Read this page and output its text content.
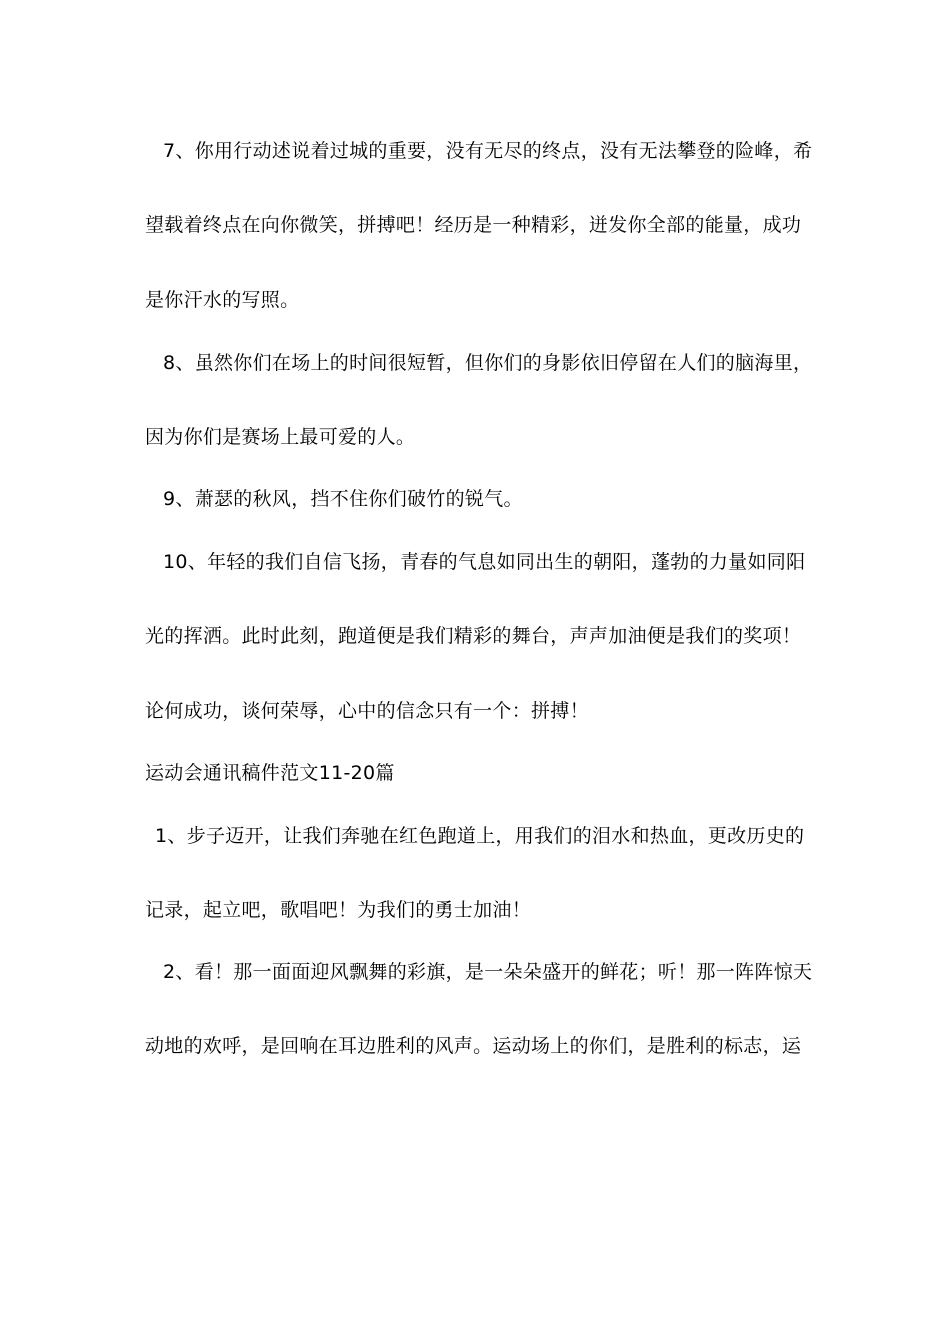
7、你用行动述说着过城的重要，没有无尽的终点，没有无法攀登的险峰，希
望载着终点在向你微笑，拼搏吧！经历是一种精彩，迸发你全部的能量，成功
是你汗水的写照。
8、虽然你们在场上的时间很短暂，但你们的身影依旧停留在人们的脑海里，
因为你们是赛场上最可爱的人。
9、萧瑟的秋风，挡不住你们破竹的锐气。
10、年轻的我们自信飞扬，青春的气息如同出生的朝阳，蓬勃的力量如同阳
光的挥洒。此时此刻，跑道便是我们精彩的舞台，声声加油便是我们的奖项！
论何成功，谈何荣辱，心中的信念只有一个：拼搏！
运动会通讯稿件范文11-20篇
1、步子迈开，让我们奔驰在红色跑道上，用我们的泪水和热血，更改历史的
记录，起立吧，歌唱吧！为我们的勇士加油！
2、看！那一面面迎风飘舞的彩旗，是一朵朵盛开的鲜花；听！那一阵阵惊天
动地的欢呼，是回响在耳边胜利的风声。运动场上的你们，是胜利的标志，运
